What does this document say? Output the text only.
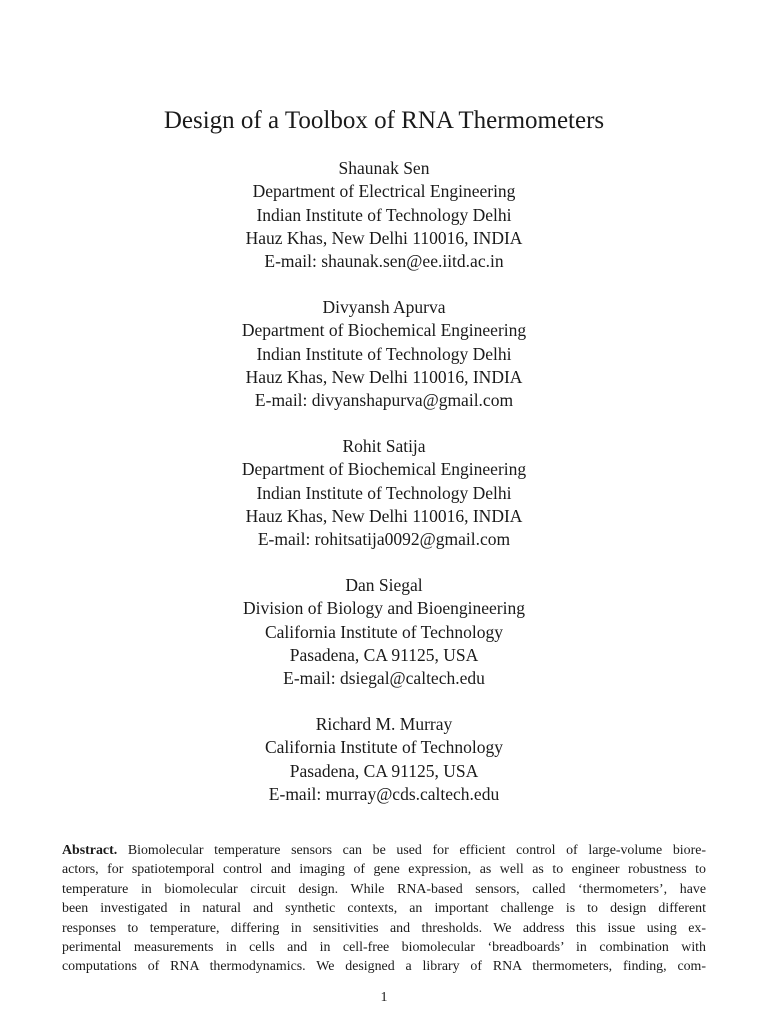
Design of a Toolbox of RNA Thermometers
Shaunak Sen
Department of Electrical Engineering
Indian Institute of Technology Delhi
Hauz Khas, New Delhi 110016, INDIA
E-mail: shaunak.sen@ee.iitd.ac.in
Divyansh Apurva
Department of Biochemical Engineering
Indian Institute of Technology Delhi
Hauz Khas, New Delhi 110016, INDIA
E-mail: divyanshapurva@gmail.com
Rohit Satija
Department of Biochemical Engineering
Indian Institute of Technology Delhi
Hauz Khas, New Delhi 110016, INDIA
E-mail: rohitsatija0092@gmail.com
Dan Siegal
Division of Biology and Bioengineering
California Institute of Technology
Pasadena, CA 91125, USA
E-mail: dsiegal@caltech.edu
Richard M. Murray
California Institute of Technology
Pasadena, CA 91125, USA
E-mail: murray@cds.caltech.edu
Abstract. Biomolecular temperature sensors can be used for efficient control of large-volume biore-
actors, for spatiotemporal control and imaging of gene expression, as well as to engineer robustness to
temperature in biomolecular circuit design. While RNA-based sensors, called ‘thermometers’, have
been investigated in natural and synthetic contexts, an important challenge is to design different
responses to temperature, differing in sensitivities and thresholds. We address this issue using ex-
perimental measurements in cells and in cell-free biomolecular ‘breadboards’ in combination with
computations of RNA thermodynamics. We designed a library of RNA thermometers, finding, com-
1
